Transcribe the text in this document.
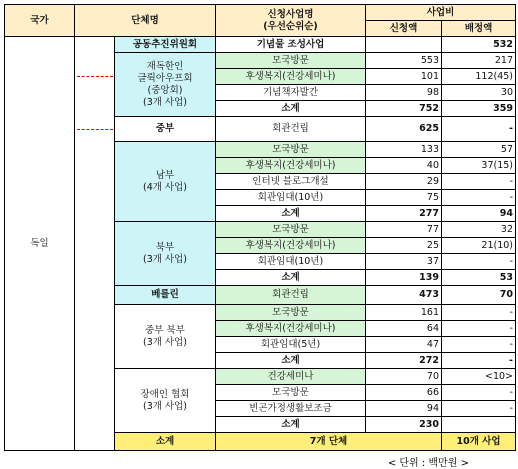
국가	단체명		신청사업명
(우선순위순)	사업비		
				신청액	배정액	
독일		공동추진위원회	기념물 조성사업		532	

		재독한인
글뤽아우프회
(중앙회)
(3개 사업)	모국방문	553	217	
			후생복지(건강세미나)	101	112(45)	
			기념책자발간	98	30	
			소계	752	359	
		중부	회관건립	625	-	

		남부
(4개 사업)	모국방문	133	57	
			후생복지(건강세미나)	40	37(15)	
			인터넷 블로그개설	29	-	
			회관임대(10년)	75	-	
			소계	277	94	

		북부
(3개 사업)	모국방문	77	32	
			후생복지(건강세미나)	25	21(10)	
			회관임대(10년)	37	-	
			소계	139	53	
		베를린	회관건립	473	70	

		중부 북부
(3개 사업)	모국방문	161	-	
			후생복지(건강세미나)	64	-	
			회관임대(5년)	47	-	
			소계	272	-	

		장애인 협회
(3개 사업)	건강세미나	70	<10>	
			모국방문	66	-	
			빈곤가정생활보조금	94	-	
			소계	230		
		소계	7개 단체		10개 사업		
< 단위 : 백만원 >
